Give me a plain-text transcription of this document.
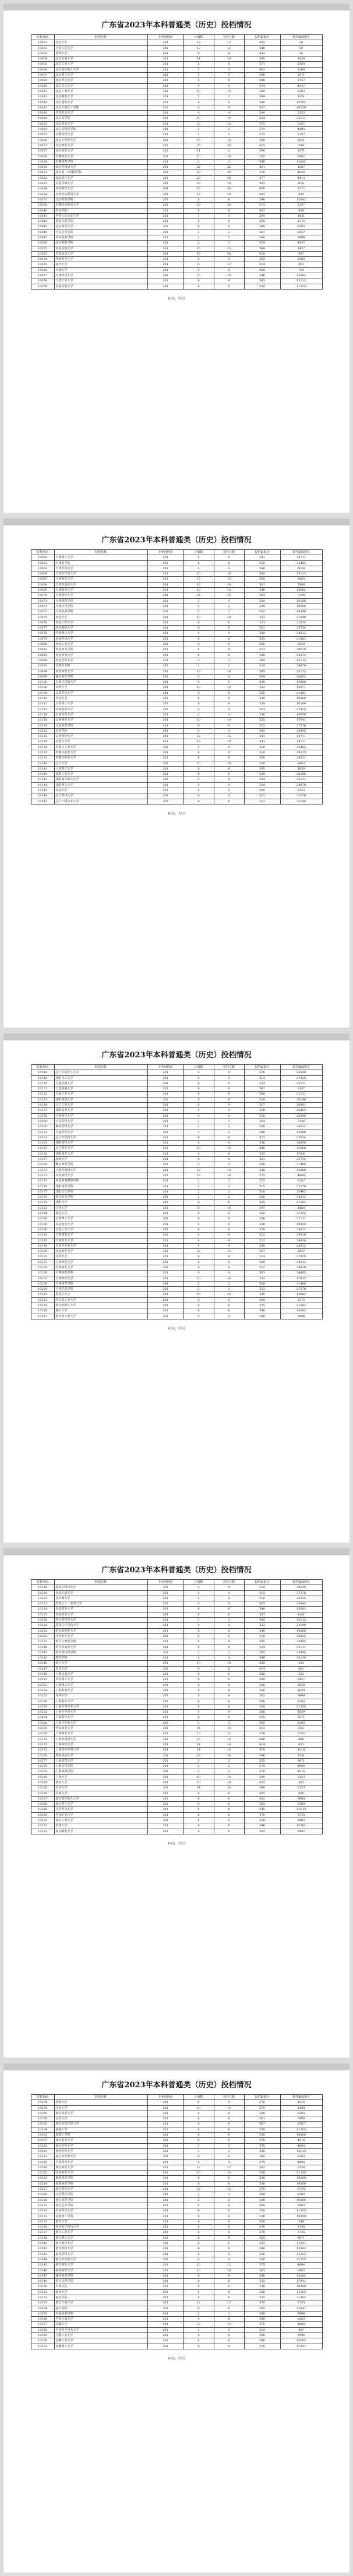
广东省2023年本科普通类（历史）投档情况
院校代码	院校名称	专业组代码	计划数	投档人数	投档最低分	投档最低排位
10001	北京大学	201	12	12	642	36
10002	中国人民大学	201	12	12	640	50
10003	清华大学	201	8	8	642	36
10004	北京交通大学	201	14	14	595	1830
10005	北京工业大学	201	5	5	571	5500
10006	北京航空航天大学	201	3	3	602	1209
10007	北京理工大学	201	3	3	598	1571
10008	北京科技大学	201	6	6	586	2757
10010	北京化工大学	201	4	4	574	4947
10011	北京工商大学	201	10	10	560	8283
10013	北京邮电大学	201	2	2	594	1931
10016	北京建筑大学	201	6	6	546	12762
10017	北京石油化工学院	201	4	4	537	16230
10019	中国农业大学	201	4	4	590	2353
10020	北京农学院	201	10	10	524	22111
10022	北京林业大学	201	12	12	573	5157
10023	北京协和医学院	201	2	2	579	4195
10025	首都医科大学	201	3	3	573	5157
10026	北京中医药大学	201	16	16	569	5941
10027	北京师范大学	201	20	20	615	580
10027	北京师范大学	202	11	11	598	1571
10028	首都师范大学	201	10	10	565	6882
10029	首都体育学院	201	3	3	540	15082
10030	北京外国语大学	201	22	22	601	1287
10031	北京第二外国语学院	201	20	20	576	4634
10032	北京语言大学	201	20	20	577	4413
10033	中国传媒大学	201	16	16	593	2041
10034	中央财经大学	201	20	20	600	1372
10036	对外经济贸易大学	201	18	18	605	939
10037	北京物资学院	201	8	8	540	15082
10038	首都经济贸易大学	201	20	20	573	5157
10040	外交学院	201	6	6	607	830
10041	中国人民公安大学	201	3	3	594	1931
10042	国际关系学院	201	8	8	600	1372
10043	北京体育大学	201	6	6	560	8283
10046	中央音乐学院	201	2	2	587	2647
10047	中央美术学院	201	2	2	580	3996
10050	北京电影学院	201	2	2	574	4947
10052	中央民族大学	201	15	15	589	2457
10053	中国政法大学	201	20	20	610	667
10054	华北电力大学	201	8	8	583	3389
10055	南开大学	201	12	12	614	601
10056	天津大学	201	8	8	608	794
10057	天津科技大学	201	10	10	540	15082
10058	天津工业大学	201	8	8	545	13113
10059	中国民航大学	201	6	6	550	11355
第1页，共5页
广东省2023年本科普通类（历史）投档情况
院校代码	院校名称	专业组代码	计划数	投档人数	投档最低分	投档最低排位
10060	天津理工大学	201	8	8	541	14711
10062	天津农学院	201	6	6	518	25463
10063	天津医科大学	201	4	4	566	6639
10064	天津中医药大学	201	10	10	545	13113
10065	天津师范大学	201	15	15	558	8883
10068	天津外国语大学	201	16	16	561	7980
10069	天津商业大学	201	12	12	540	15082
10070	天津财经大学	201	14	14	564	7146
10071	天津体育学院	201	3	3	528	20186
10072	天津音乐学院	201	2	2	530	19200
10073	天津美术学院	201	2	2	532	18290
10075	河北大学	201	10	10	551	11040
10076	河北工程大学	201	6	6	523	22634
10077	河北地质大学	201	6	6	521	23754
10078	华北理工大学	201	4	4	520	24312
10079	河北科技大学	201	6	6	525	21583
10080	河北工业大学	201	8	8	566	6639
10081	河北北方学院	201	4	4	512	29010
10082	河北农业大学	201	6	6	520	24312
10089	河北医科大学	201	3	3	545	13113
10092	承德医学院	201	2	2	519	24870
10094	河北师范大学	201	10	10	545	13113
10098	廊坊师范学院	201	4	4	509	30853
10100	石家庄铁道大学	201	6	6	538	15868
10108	山西大学	201	10	10	553	10471
10109	太原科技大学	201	6	6	525	21583
10110	中北大学	201	6	6	530	19200
10112	太原理工大学	201	8	8	554	10160
10113	山西农业大学	201	4	4	514	27825
10114	山西医科大学	201	3	3	536	16658
10118	山西师范大学	201	10	10	535	17041
10119	太原师范学院	201	6	6	515	27278
10122	长治学院	201	4	4	505	33445
10125	山西财经大学	201	12	12	541	14711
10126	内蒙古大学	201	10	10	541	14711
10128	内蒙古工业大学	201	4	4	518	25463
10129	内蒙古农业大学	201	4	4	510	30225
10135	内蒙古师范大学	201	6	6	520	24312
10140	辽宁大学	201	10	10	558	8883
10141	大连理工大学	201	8	8	595	1830
10142	沈阳工业大学	201	6	6	528	20186
10143	沈阳航空航天大学	201	4	4	524	22111
10144	沈阳理工大学	201	4	4	519	24870
10145	东北大学	201	8	8	590	2353
10146	辽宁科技大学	201	4	4	515	27278
10147	辽宁工程技术大学	201	6	6	522	23190
第2页，共5页
广东省2023年本科普通类（历史）投档情况
院校代码	院校名称	专业组代码	计划数	投档人数	投档最低分	投档最低排位
10148	辽宁石油化工大学	201	4	4	516	26590
10149	沈阳化工大学	201	4	4	514	27825
10150	大连交通大学	201	6	6	524	22111
10151	大连海事大学	201	8	8	567	6387
10152	大连工业大学	201	6	6	526	21111
10153	沈阳建筑大学	201	6	6	528	20186
10154	辽宁工业大学	201	4	4	517	26001
10157	沈阳农业大学	201	4	4	518	25463
10158	大连海洋大学	201	4	4	516	26590
10159	中国医科大学	201	3	3	564	7146
10160	锦州医科大学	201	2	2	520	24312
10161	大连医科大学	201	3	3	548	12000
10162	辽宁中医药大学	201	6	6	523	22634
10163	沈阳药科大学	201	4	4	536	16658
10165	辽宁师范大学	201	10	10	548	12000
10166	沈阳师范大学	201	8	8	535	17041
10167	渤海大学	201	6	6	521	23754
10169	鞍山师范学院	201	4	4	508	31486
10172	大连外国语大学	201	12	12	548	12000
10173	东北财经大学	201	16	16	575	4804
10175	中国刑事警察学院	201	2	2	573	5157
10176	沈阳体育学院	201	2	2	515	27278
10177	沈阳音乐学院	201	2	2	518	25463
10178	鲁迅美术学院	201	2	2	520	24312
10179	沈阳大学	201	6	6	525	21583
10183	吉林大学	201	16	16	597	1668
10184	延边大学	201	8	8	550	11355
10186	长春理工大学	201	6	6	526	21111
10188	东北电力大学	201	4	4	530	19200
10190	长春工业大学	201	6	6	520	24312
10191	吉林建筑大学	201	4	4	512	29010
10193	吉林农业大学	201	4	4	512	29010
10199	长春中医药大学	201	4	4	520	24312
10200	东北师范大学	201	12	12	587	2647
10201	北华大学	201	6	6	514	27825
10203	吉林师范大学	201	6	6	520	24312
10205	长春师范大学	201	6	6	512	29010
10206	白城师范学院	201	4	4	503	34805
10207	吉林财经大学	201	10	10	533	17813
10208	吉林体育学院	201	2	2	508	31486
10209	吉林艺术学院	201	2	2	515	27278
10212	黑龙江大学	201	10	10	540	15082
10213	哈尔滨工业大学	201	6	6	600	1372
10214	哈尔滨理工大学	201	6	6	525	21583
10216	燕山大学	201	6	6	540	15082
10217	哈尔滨工程大学	201	4	4	580	3996
第3页，共5页
广东省2023年本科普通类（历史）投档情况
院校代码	院校名称	专业组代码	计划数	投档人数	投档最低分	投档最低排位
10219	黑龙江科技大学	201	4	4	510	30225
10220	东北石油大学	201	4	4	515	27278
10222	佳木斯大学	201	4	4	510	30225
10223	黑龙江八一农垦大学	201	4	4	505	33445
10224	东北农业大学	201	6	6	540	15082
10225	东北林业大学	201	8	8	557	9241
10226	哈尔滨医科大学	201	3	3	545	13113
10228	黑龙江中医药大学	201	4	4	522	23190
10231	哈尔滨师范大学	201	8	8	530	19200
10232	齐齐哈尔大学	201	6	6	510	30225
10233	牡丹江师范学院	201	4	4	505	33445
10240	哈尔滨商业大学	201	8	8	524	22111
10242	哈尔滨体育学院	201	2	2	505	33445
10245	黑河学院	201	4	4	498	38136
10246	复旦大学	201	10	10	628	203
10247	同济大学	201	6	6	614	601
10248	上海交通大学	201	6	6	625	252
10251	华东理工大学	201	6	6	589	2457
10252	上海理工大学	201	8	8	566	6639
10254	上海海事大学	201	8	8	566	6639
10255	东华大学	201	8	8	582	3609
10256	上海电力大学	201	6	6	560	8283
10259	上海应用技术大学	201	6	6	550	11355
10262	上海中医药大学	201	4	4	566	6639
10264	上海海洋大学	201	6	6	555	9871
10268	上海中医药大学	202	3	3	560	8283
10269	华东师范大学	201	14	14	613	632
10270	上海师范大学	201	12	12	570	5745
10271	上海外国语大学	201	16	16	606	880
10272	上海财经大学	201	14	14	614	601
10273	上海对外经贸大学	201	14	14	578	4216
10276	华东政法大学	201	16	16	596	1751
10277	上海体育大学	201	3	3	555	9871
10278	上海音乐学院	201	2	2	575	4804
10279	上海戏剧学院	201	2	2	578	4216
10280	上海大学	201	10	10	590	2353
10284	南京大学	201	10	10	622	303
10285	苏州大学	201	14	14	590	2353
10286	东南大学	201	6	6	605	939
10287	南京航空航天大学	201	6	6	582	3609
10288	南京理工大学	201	6	6	583	3389
10289	江苏科技大学	201	6	6	545	13113
10290	中国矿业大学	201	6	6	570	5745
10291	南京工业大学	201	8	8	558	8883
10292	常州大学	201	6	6	546	12762
10293	南京邮电大学	201	6	6	565	6882
第4页，共5页
广东省2023年本科普通类（历史）投档情况
院校代码	院校名称	专业组代码	计划数	投档人数	投档最低分	投档最低排位
10294	河海大学	201	8	8	578	4216
10295	江南大学	201	10	10	579	4195
10298	南京林业大学	201	8	8	560	8283
10299	江苏大学	201	8	8	561	7980
10300	南京信息工程大学	201	8	8	567	6387
10304	南通大学	201	8	8	550	11355
10305	盐城工学院	201	6	6	530	19200
10307	南京农业大学	201	6	6	578	4216
10312	南京医科大学	201	3	3	575	4804
10313	徐州医科大学	201	3	3	545	13113
10315	南京中医药大学	201	6	6	560	8283
10316	中国药科大学	201	4	4	575	4804
10319	南京师范大学	201	12	12	592	2150
10320	江苏师范大学	201	10	10	550	11355
10323	淮阴师范学院	201	6	6	530	19200
10324	盐城师范学院	201	6	6	530	19200
10327	南京财经大学	201	12	12	570	5745
10329	江苏警官学院	201	2	2	560	8283
10330	南京体育学院	201	2	2	530	19200
10331	南京艺术学院	201	4	4	560	8283
10332	苏州科技大学	201	6	6	550	11355
10333	常熟理工学院	201	6	6	530	19200
10335	浙江大学	201	8	8	620	348
10336	杭州电子科技大学	201	8	8	570	5745
10337	浙江工业大学	201	8	8	570	5745
10338	浙江理工大学	201	8	8	555	9871
10340	浙江海洋大学	201	6	6	535	17041
10341	浙江农林大学	201	6	6	540	15082
10343	温州医科大学	201	4	4	550	11355
10344	浙江中医药大学	201	4	4	550	11355
10345	浙江师范大学	201	12	12	575	4804
10346	杭州师范大学	201	10	10	565	6882
10347	湖州师范学院	201	6	6	540	15082
10349	绍兴文理学院	201	6	6	535	17041
10350	台州学院	201	6	6	530	19200
10351	温州大学	201	8	8	550	11355
10352	丽水学院	201	6	6	525	21583
10353	浙江工商大学	201	12	12	570	5745
10354	嘉兴学院	201	6	6	535	17041
10355	中国美术学院	201	2	2	580	3996
10356	中国计量大学	201	8	8	560	8283
10357	安徽大学	201	12	12	575	4804
10358	中国科学技术大学	201	4	4	610	667
10359	合肥工业大学	201	8	8	580	3996
10360	安徽工业大学	201	6	6	540	15082
10361	安徽理工大学	201	6	6	535	17041
第5页，共5页
